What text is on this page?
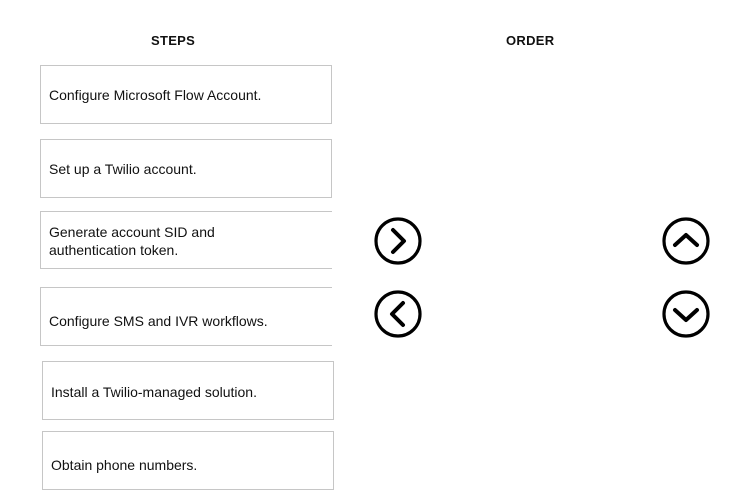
STEPS	ORDER
Configure Microsoft Flow Account.
Set up a Twilio account.
Generate account SID and
authentication token.
Configure SMS and IVR workflows.
Install a Twilio-managed solution.
Obtain phone numbers.
